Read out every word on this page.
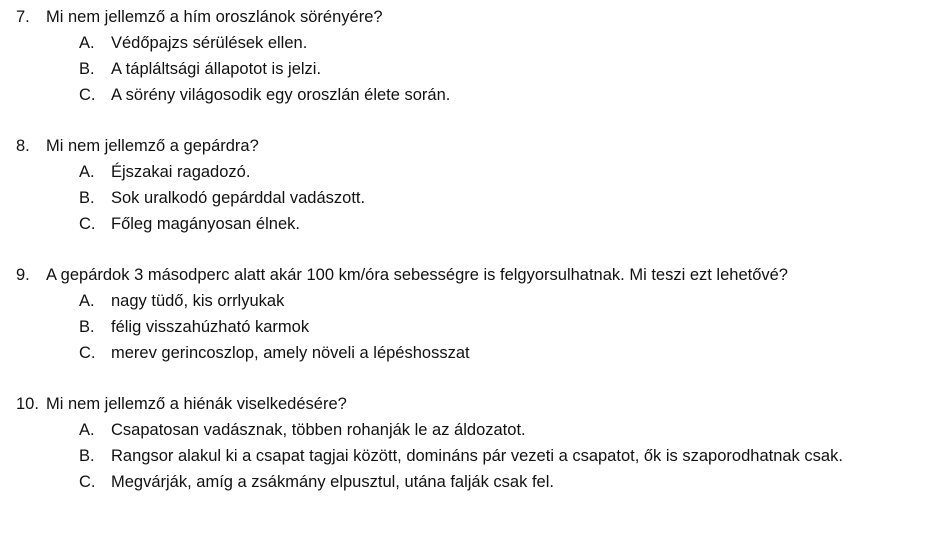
7. Mi nem jellemző a hím oroszlánok sörényére?
A. Védőpajzs sérülések ellen.
B. A tápláltsági állapotot is jelzi.
C. A sörény világosodik egy oroszlán élete során.
8. Mi nem jellemző a gepárdra?
A. Éjszakai ragadozó.
B. Sok uralkodó gepárddal vadászott.
C. Főleg magányosan élnek.
9. A gepárdok 3 másodperc alatt akár 100 km/óra sebességre is felgyorsulhatnak. Mi teszi ezt lehetővé?
A. nagy tüdő, kis orrlyukak
B. félig visszahúzható karmok
C. merev gerincoszlop, amely növeli a lépéshosszat
10. Mi nem jellemző a hiénák viselkedésére?
A. Csapatosan vadásznak, többen rohanják le az áldozatot.
B. Rangsor alakul ki a csapat tagjai között, domináns pár vezeti a csapatot, ők is szaporodhatnak csak.
C. Megvárják, amíg a zsákmány elpusztul, utána falják csak fel.
